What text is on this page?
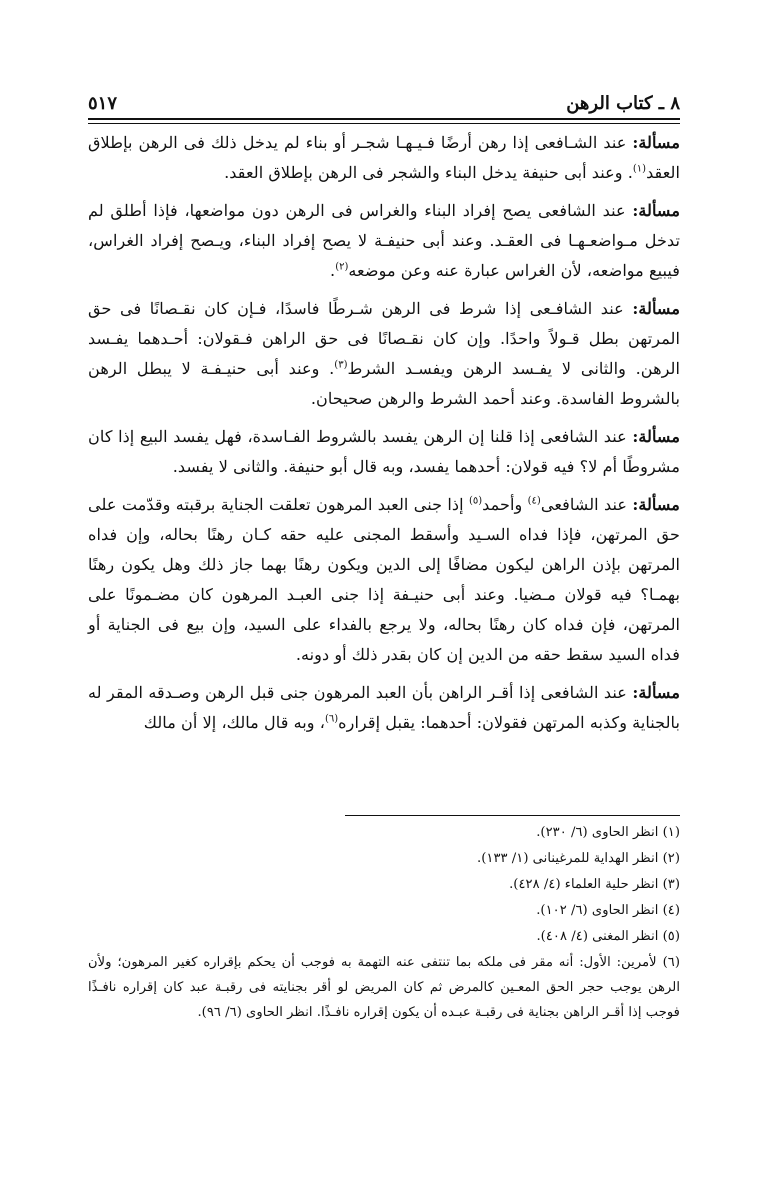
٨ ـ كتاب الرهن
٥١٧

مسألة: عند الشـافعى إذا رهن أرضًا فـيـهـا شجـر أو بناء لم يدخل ذلك فى الرهن بإطلاق العقد$^{(١)}$. وعند أبى حنيفة يدخل البناء والشجر فى الرهن بإطلاق العقد.

مسألة: عند الشافعى يصح إفراد البناء والغراس فى الرهن دون مواضعها، فإذا أطلق لم تدخل مـواضعـهـا فى العقـد. وعند أبى حنيفـة لا يصح إفراد البناء، ويـصح إفراد الغراس، فيبيع مواضعه، لأن الغراس عبارة عنه وعن موضعه$^{(٢)}$.

مسألة: عند الشافـعى إذا شرط فى الرهن شـرطًا فاسدًا، فـإن كان نقـصانًا فى حق المرتهن بطل قـولاً واحدًا. وإن كان نقـصانًا فى حق الراهن فـقولان: أحـدهما يفـسد الرهن. والثانى لا يفـسد الرهن ويفسـد الشرط$^{(٣)}$. وعند أبى حنيـفـة لا يبطل الرهن بالشروط الفاسدة. وعند أحمد الشرط والرهن صحيحان.

مسألة: عند الشافعى إذا قلنا إن الرهن يفسد بالشروط الفـاسدة، فهل يفسد البيع إذا كان مشروطًا أم لا؟ فيه قولان: أحدهما يفسد، وبه قال أبو حنيفة. والثانى لا يفسد.

مسألة: عند الشافعى$^{(٤)}$ وأحمد$^{(٥)}$ إذا جنى العبد المرهون تعلقت الجناية برقبته وقدّمت على حق المرتهن، فإذا فداه السـيد وأسقط المجنى عليه حقه كـان رهنًا بحاله، وإن فداه المرتهن بإذن الراهن ليكون مضافًا إلى الدين ويكون رهنًا بهما جاز ذلك وهل يكون رهنًا بهمـا؟ فيه قولان مـضيا. وعند أبى حنيـفة إذا جنى العبـد المرهون كان مضـمونًا على المرتهن، فإن فداه كان رهنًا بحاله، ولا يرجع بالفداء على السيد، وإن بيع فى الجناية أو فداه السيد سقط حقه من الدين إن كان بقدر ذلك أو دونه.

مسألة: عند الشافعى إذا أقـر الراهن بأن العبد المرهون جنى قبل الرهن وصـدقه المقر له بالجناية وكذبه المرتهن فقولان: أحدهما: يقبل إقراره$^{(٦)}$، وبه قال مالك، إلا أن مالك

(١) انظر الحاوى (٦/ ٢٣٠).

(٢) انظر الهداية للمرغينانى (١/ ١٣٣).

(٣) انظر حلية العلماء (٤/ ٤٢٨).

(٤) انظر الحاوى (٦/ ١٠٢).

(٥) انظر المغنى (٤/ ٤٠٨).

(٦) لأمرين: الأول: أنه مقر فى ملكه بما تنتفى عنه التهمة به فوجب أن يحكم بإقراره كغير المرهون؛ ولأن الرهن يوجب حجر الحق المعـين كالمرض ثم كان المريض لو أقر بجنايته فى رقبـة عبد كان إقراره نافـذًا فوجب إذا أقـر الراهن بجناية فى رقبـة عبـده أن يكون إقراره نافـذًا. انظر الحاوى (٦/ ٩٦).
